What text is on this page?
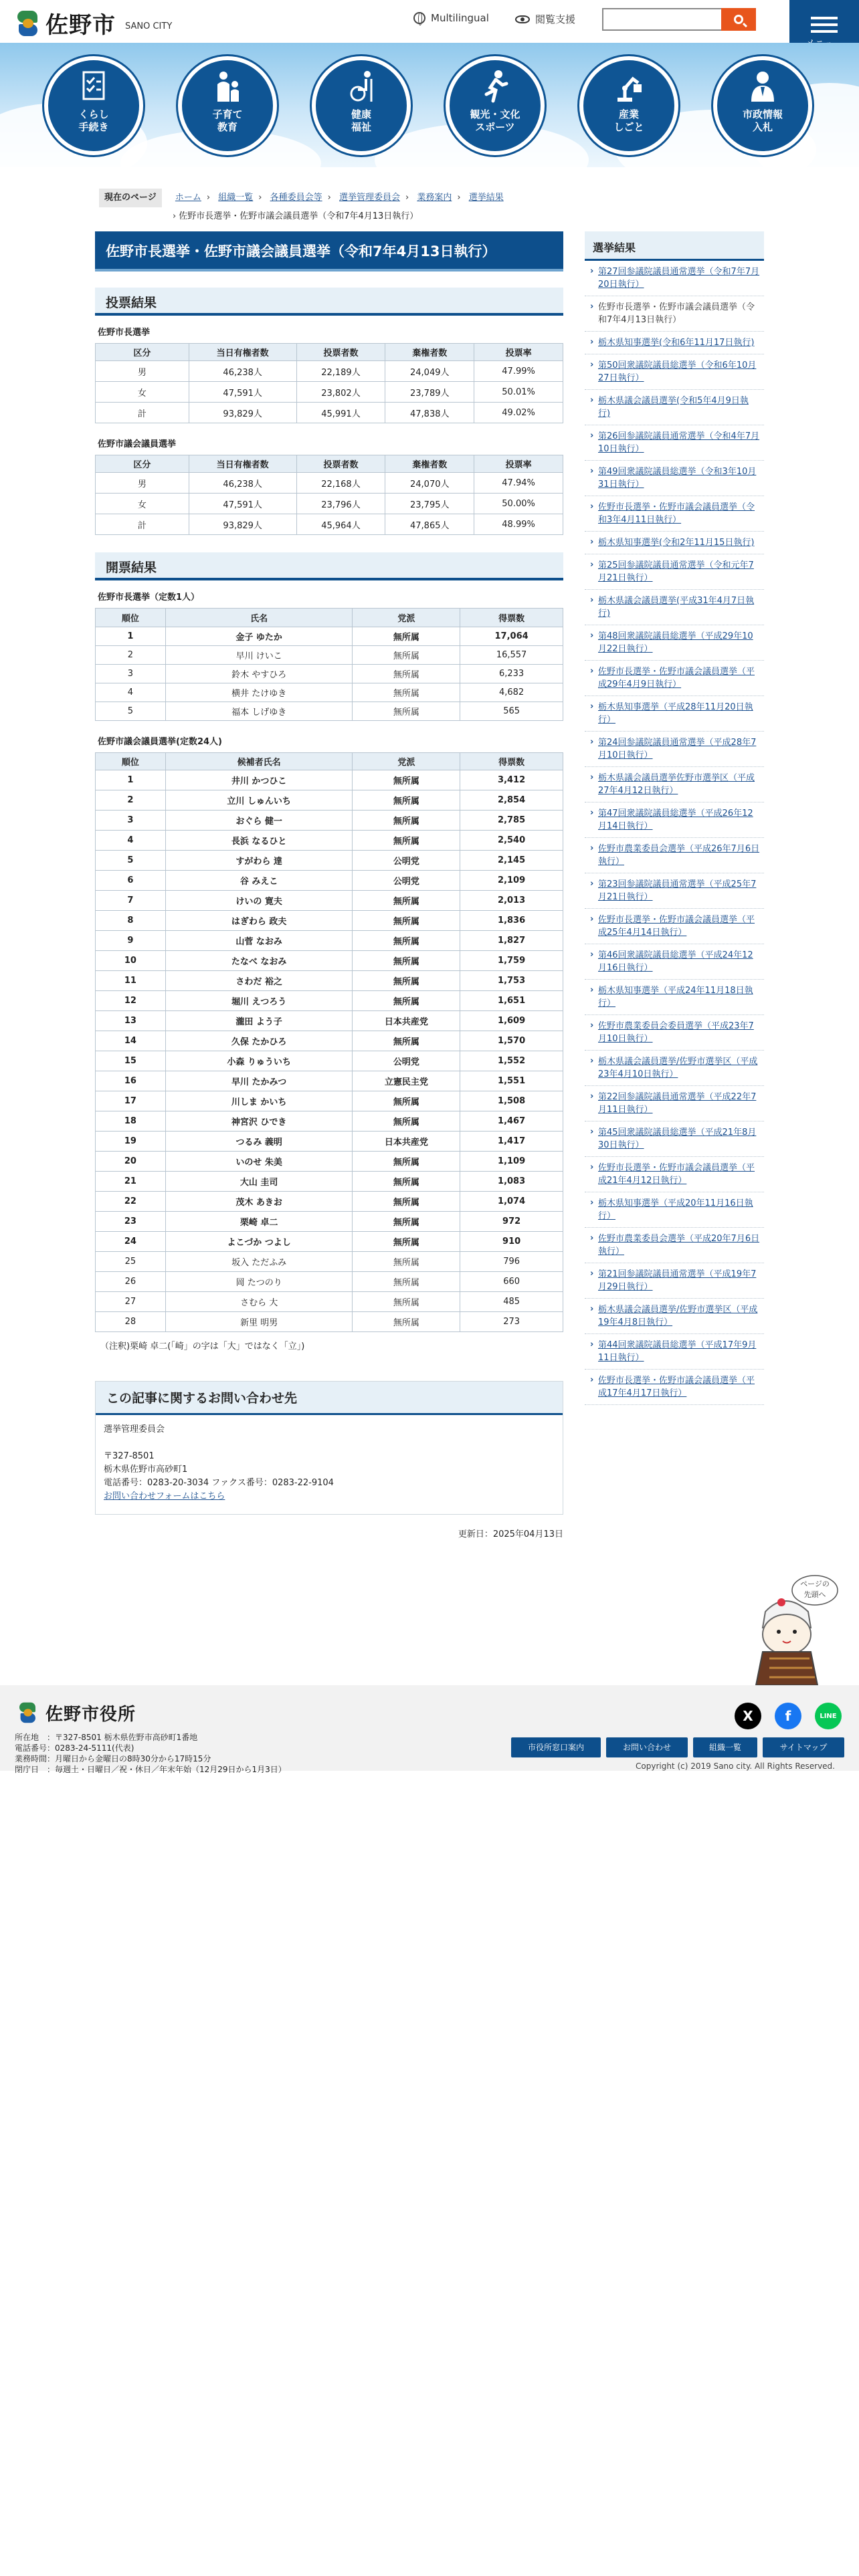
佐野市 SANO CITY
Multilingual	閲覧支援
くらし
手続き
子育て
教育
健康
福祉
観光・文化
スポーツ
産業
しごと
市政情報
入札
現在のページ ホーム › 組織一覧 › 各種委員会等 › 選挙管理委員会 › 業務案内 › 選挙結果
› 佐野市長選挙・佐野市議会議員選挙（令和7年4月13日執行）
佐野市長選挙・佐野市議会議員選挙（令和7年4月13日執行）
投票結果
佐野市長選挙
区分	当日有権者数	投票者数	棄権者数	投票率
男	46,238人	22,189人	24,049人	47.99%
女	47,591人	23,802人	23,789人	50.01%
計	93,829人	45,991人	47,838人	49.02%
佐野市議会議員選挙
区分	当日有権者数	投票者数	棄権者数	投票率
男	46,238人	22,168人	24,070人	47.94%
女	47,591人	23,796人	23,795人	50.00%
計	93,829人	45,964人	47,865人	48.99%
開票結果
佐野市長選挙（定数1人）
順位	氏名	党派	得票数
1	金子 ゆたか	無所属	17,064
2	早川 けいこ	無所属	16,557
3	鈴木 やすひろ	無所属	6,233
4	横井 たけゆき	無所属	4,682
5	福本 しげゆき	無所属	565
佐野市議会議員選挙(定数24人)
順位	候補者氏名	党派	得票数
1	井川 かつひこ	無所属	3,412
2	立川 しゅんいち	無所属	2,854
3	おぐら 健一	無所属	2,785
4	長浜 なるひと	無所属	2,540
5	すがわら 達	公明党	2,145
6	谷 みえこ	公明党	2,109
7	けいの 寛夫	無所属	2,013
8	はぎわら 政夫	無所属	1,836
9	山菅 なおみ	無所属	1,827
10	たなべ なおみ	無所属	1,759
11	さわだ 裕之	無所属	1,753
12	堀川 えつろう	無所属	1,651
13	瀧田 よう子	日本共産党	1,609
14	久保 たかひろ	無所属	1,570
15	小森 りゅういち	公明党	1,552
16	早川 たかみつ	立憲民主党	1,551
17	川しま かいち	無所属	1,508
18	神宮沢 ひでき	無所属	1,467
19	つるみ 義明	日本共産党	1,417
20	いのせ 朱美	無所属	1,109
21	大山 圭司	無所属	1,083
22	茂木 あきお	無所属	1,074
23	栗崎 卓二	無所属	972
24	よこづか つよし	無所属	910
25	坂入 ただふみ	無所属	796
26	岡 たつのり	無所属	660
27	さむら 大	無所属	485
28	新里 明男	無所属	273

（注釈)栗崎 卓二(「崎」の字は「大」ではなく「立」)

この記事に関するお問い合わせ先
選挙管理委員会

〒327-8501
栃木県佐野市高砂町1
電話番号：0283-20-3034 ファクス番号：0283-22-9104
お問い合わせフォームはこちら
更新日：2025年04月13日
選挙結果
› 第27回参議院議員通常選挙（令和7年7月20日執行）
› 佐野市長選挙・佐野市議会議員選挙（令和7年4月13日執行）
› 栃木県知事選挙(令和6年11月17日執行)
› 第50回衆議院議員総選挙（令和6年10月27日執行）
› 栃木県議会議員選挙(令和5年4月9日執行)
› 第26回参議院議員通常選挙（令和4年7月10日執行）
› 第49回衆議院議員総選挙（令和3年10月31日執行）
› 佐野市長選挙・佐野市議会議員選挙（令和3年4月11日執行）
› 栃木県知事選挙(令和2年11月15日執行)
› 第25回参議院議員通常選挙（令和元年7月21日執行）
› 栃木県議会議員選挙(平成31年4月7日執行)
› 第48回衆議院議員総選挙（平成29年10月22日執行）
› 佐野市長選挙・佐野市議会議員選挙（平成29年4月9日執行）
› 栃木県知事選挙（平成28年11月20日執行）
› 第24回参議院議員通常選挙（平成28年7月10日執行）
› 栃木県議会議員選挙佐野市選挙区（平成27年4月12日執行）
› 第47回衆議院議員総選挙（平成26年12月14日執行）
› 佐野市農業委員会選挙（平成26年7月6日執行）
› 第23回参議院議員通常選挙（平成25年7月21日執行）
› 佐野市長選挙・佐野市議会議員選挙（平成25年4月14日執行）
› 第46回衆議院議員総選挙（平成24年12月16日執行）
› 栃木県知事選挙（平成24年11月18日執行）
› 佐野市農業委員会委員選挙（平成23年7月10日執行）
› 栃木県議会議員選挙/佐野市選挙区（平成23年4月10日執行）
› 第22回参議院議員通常選挙（平成22年7月11日執行）
› 第45回衆議院議員総選挙（平成21年8月30日執行）
› 佐野市長選挙・佐野市議会議員選挙（平成21年4月12日執行）
› 栃木県知事選挙（平成20年11月16日執行）
› 佐野市農業委員会選挙（平成20年7月6日執行）
› 第21回参議院議員通常選挙（平成19年7月29日執行）
› 栃木県議会議員選挙/佐野市選挙区（平成19年4月8日執行）
› 第44回衆議院議員総選挙（平成17年9月11日執行）
› 佐野市長選挙・佐野市議会議員選挙（平成17年4月17日執行）
ページの
先頭へ
佐野市役所
所在地 ：〒327-8501 栃木県佐野市高砂町1番地
電話番号：0283-24-5111(代表)
業務時間：月曜日から金曜日の8時30分から17時15分
閉庁日 ：毎週土・日曜日／祝・休日／年末年始（12月29日から1月3日）
X f	LINE
市役所窓口案内	お問い合わせ	組織一覧	サイトマップ
Copyright (c) 2019 Sano city. All Rights Reserved.
